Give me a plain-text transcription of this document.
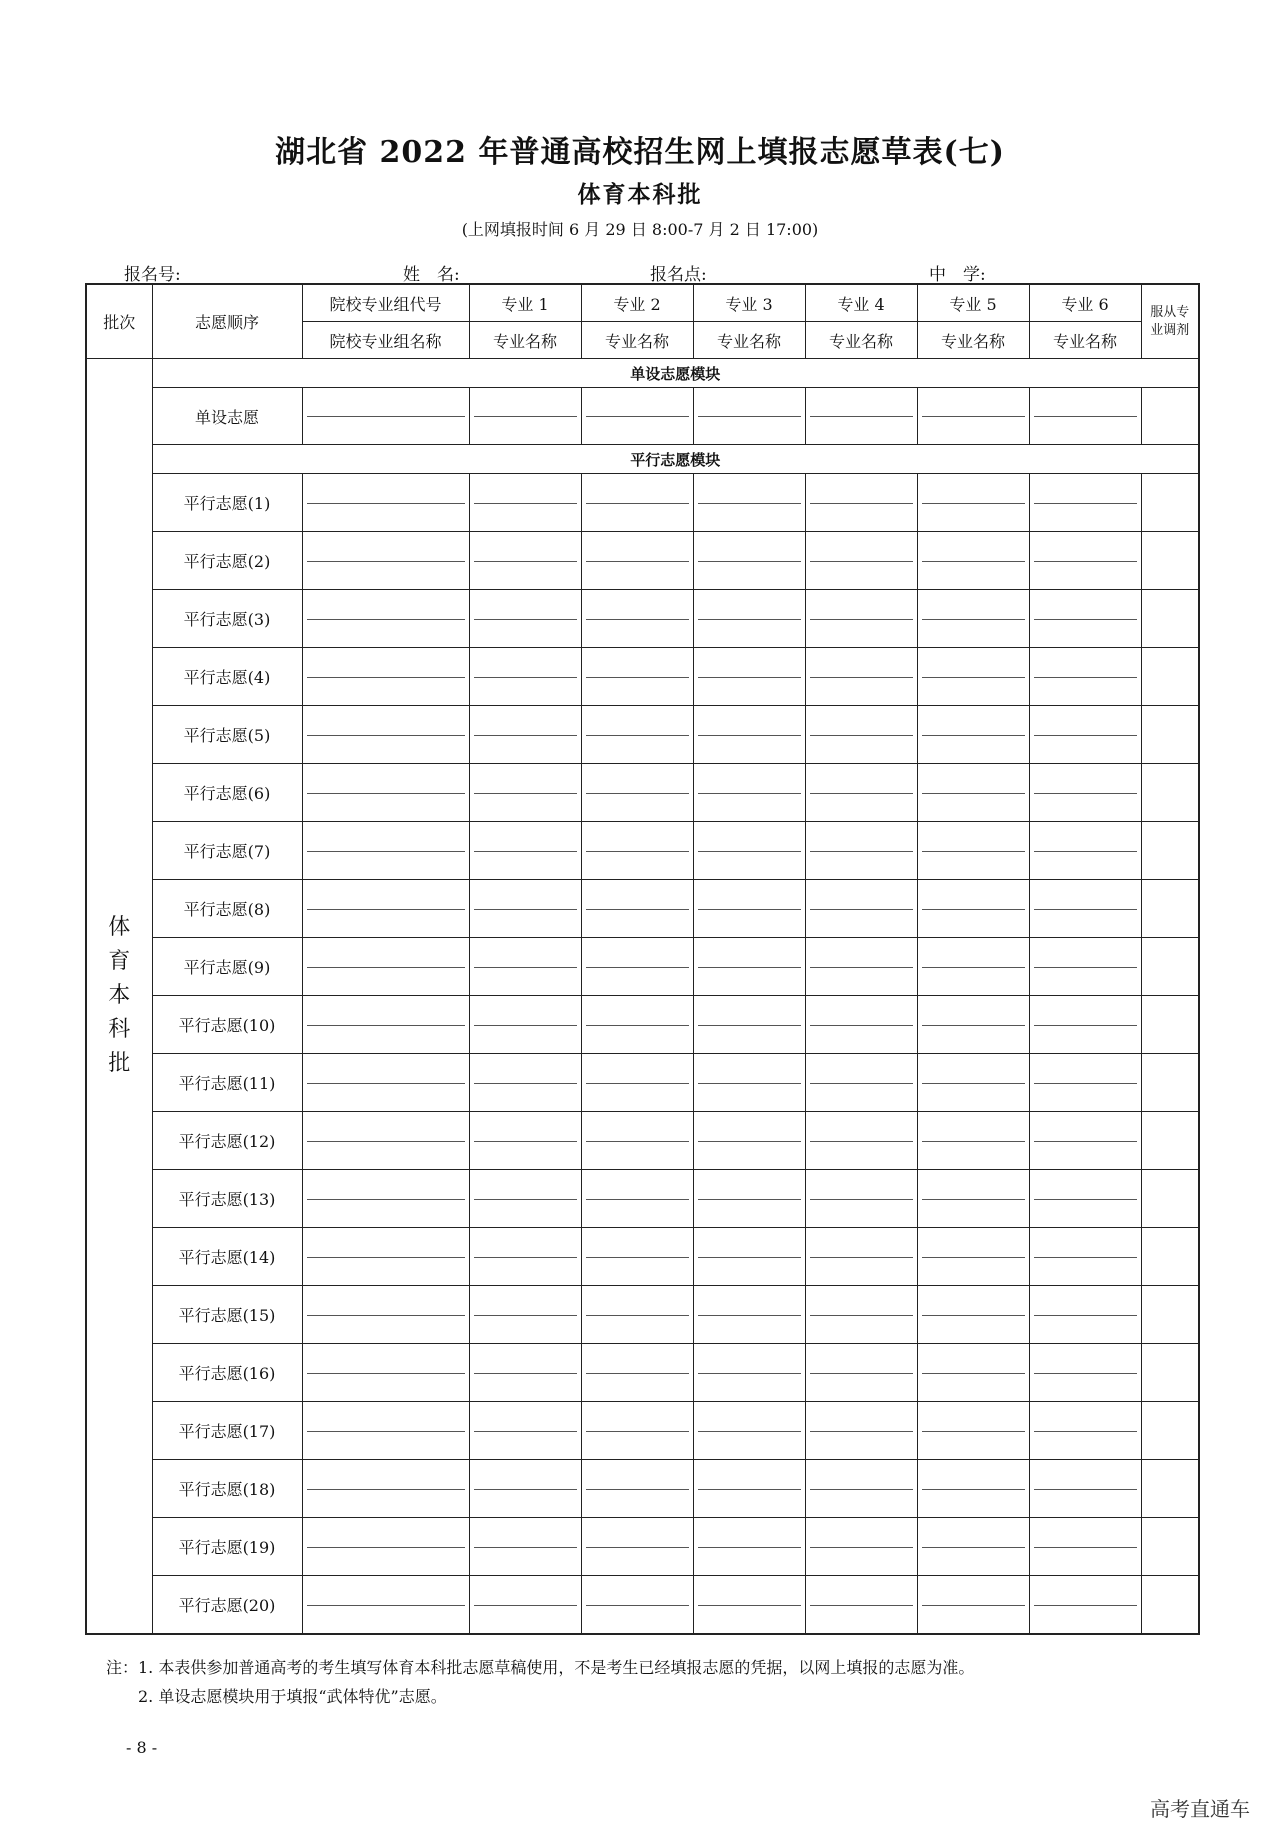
湖北省 2022 年普通高校招生网上填报志愿草表(七)
体育本科批
(上网填报时间 6 月 29 日 8:00-7 月 2 日 17:00)
报名号:	姓　名:	报名点:	中　学:
批次	志愿顺序	院校专业组代号	专业 1	专业 2	专业 3	专业 4	专业 5	专业 6	服从专业调剂

		院校专业组名称	专业名称	专业名称	专业名称	专业名称	专业名称	专业名称	

体育本科批	单设志愿模块								
	单设志愿	

	平行志愿模块								
	平行志愿(1)	

	平行志愿(2)	

	平行志愿(3)	

	平行志愿(4)	

	平行志愿(5)	

	平行志愿(6)	

	平行志愿(7)	

	平行志愿(8)	

	平行志愿(9)	

	平行志愿(10)	

	平行志愿(11)	

	平行志愿(12)	

	平行志愿(13)	

	平行志愿(14)	

	平行志愿(15)	

	平行志愿(16)	

	平行志愿(17)	

	平行志愿(18)	

	平行志愿(19)	

	平行志愿(20)	

注：1. 本表供参加普通高考的考生填写体育本科批志愿草稿使用，不是考生已经填报志愿的凭据，以网上填报的志愿为准。
　　2. 单设志愿模块用于填报“武体特优”志愿。
- 8 -
高考直通车
